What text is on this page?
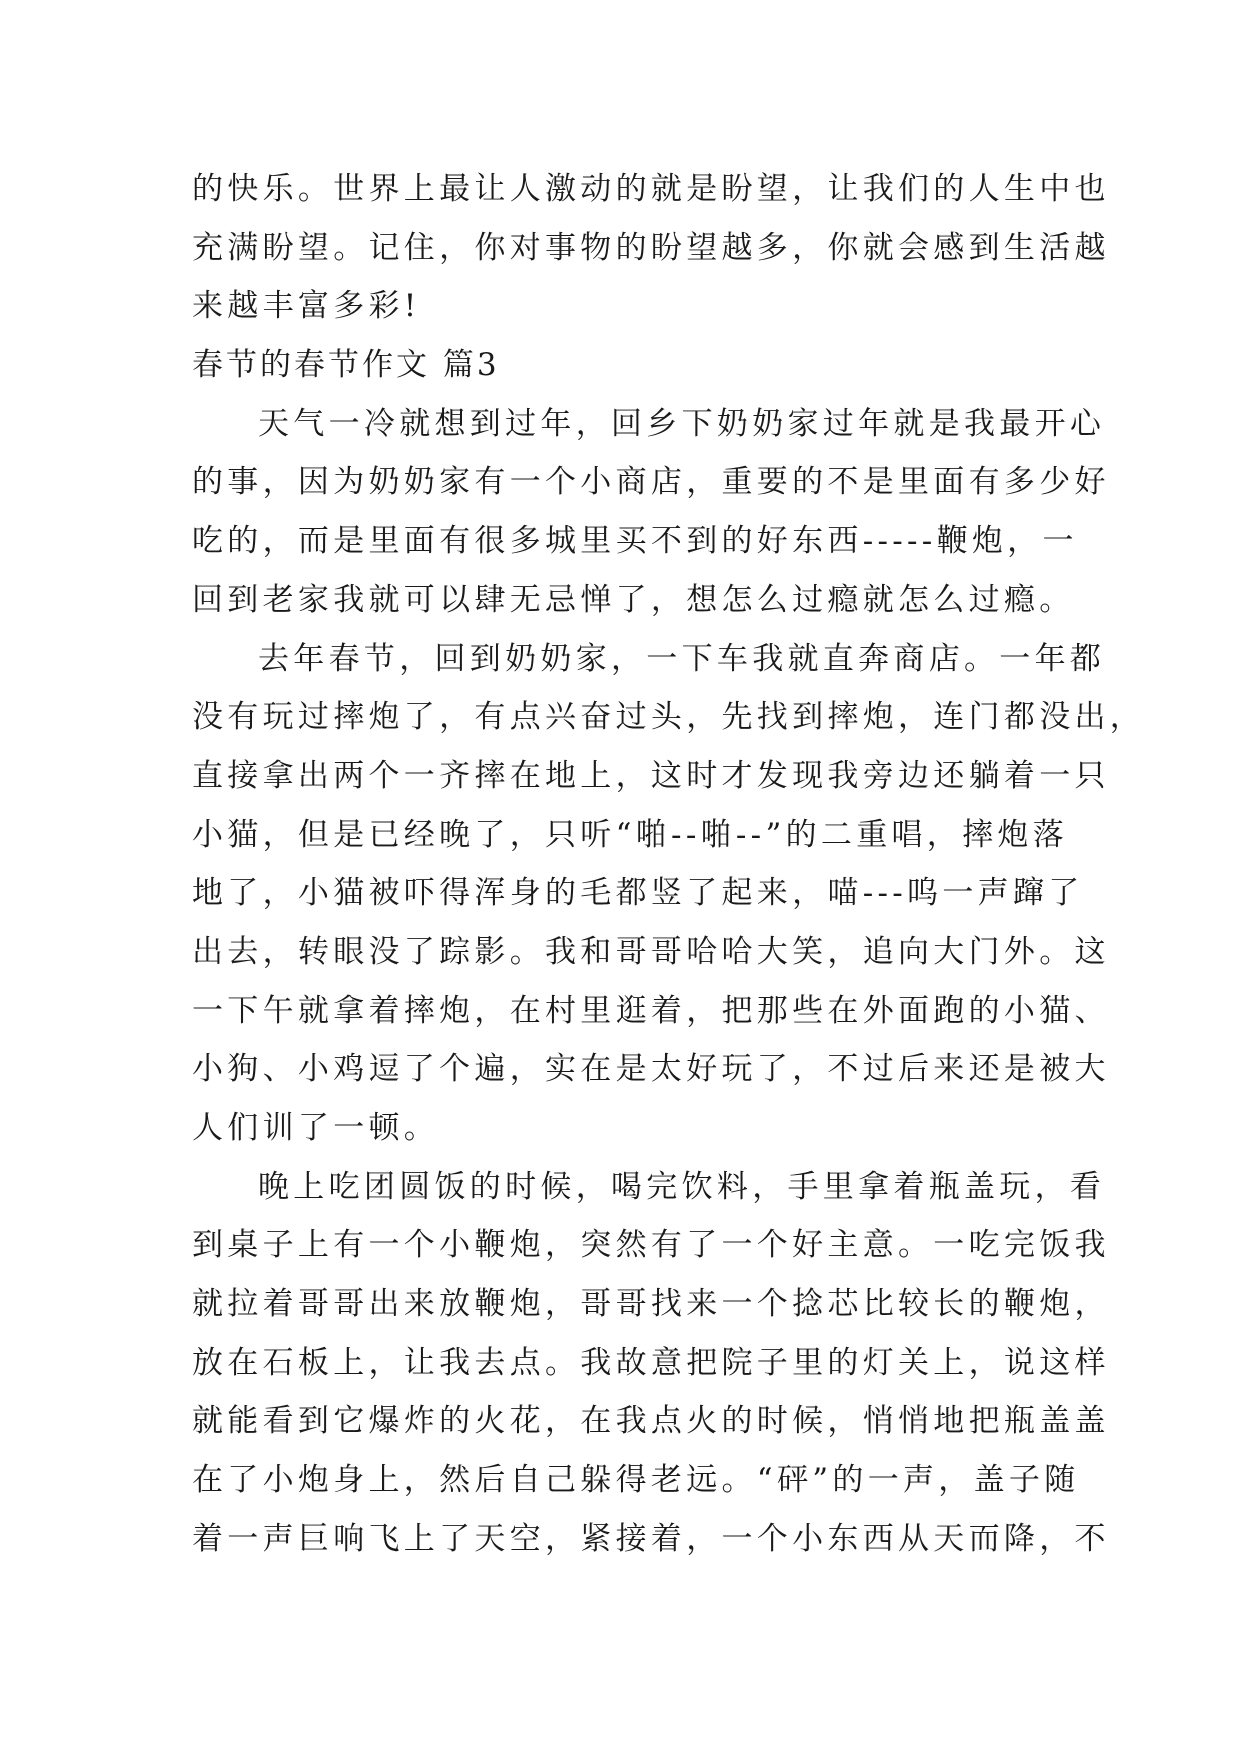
的快乐。世界上最让人激动的就是盼望，让我们的人生中也
充满盼望。记住，你对事物的盼望越多，你就会感到生活越
来越丰富多彩!
春节的春节作文 篇3
天气一冷就想到过年，回乡下奶奶家过年就是我最开心
的事，因为奶奶家有一个小商店，重要的不是里面有多少好
吃的，而是里面有很多城里买不到的好东西-----鞭炮，一
回到老家我就可以肆无忌惮了，想怎么过瘾就怎么过瘾。
去年春节，回到奶奶家，一下车我就直奔商店。一年都
没有玩过摔炮了，有点兴奋过头，先找到摔炮，连门都没出，
直接拿出两个一齐摔在地上，这时才发现我旁边还躺着一只
小猫，但是已经晚了，只听“啪--啪--”的二重唱，摔炮落
地了，小猫被吓得浑身的毛都竖了起来，喵---呜一声蹿了
出去，转眼没了踪影。我和哥哥哈哈大笑，追向大门外。这
一下午就拿着摔炮，在村里逛着，把那些在外面跑的小猫、
小狗、小鸡逗了个遍，实在是太好玩了，不过后来还是被大
人们训了一顿。
晚上吃团圆饭的时候，喝完饮料，手里拿着瓶盖玩，看
到桌子上有一个小鞭炮，突然有了一个好主意。一吃完饭我
就拉着哥哥出来放鞭炮，哥哥找来一个捻芯比较长的鞭炮，
放在石板上，让我去点。我故意把院子里的灯关上，说这样
就能看到它爆炸的火花，在我点火的时候，悄悄地把瓶盖盖
在了小炮身上，然后自己躲得老远。“砰”的一声，盖子随
着一声巨响飞上了天空，紧接着，一个小东西从天而降，不
